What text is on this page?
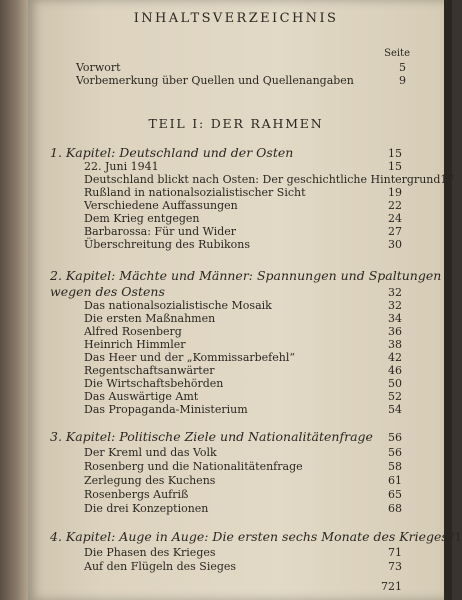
INHALTSVERZEICHNIS
Seite
Vorwort	5
Vorbemerkung über Quellen und Quellenangaben	9
TEIL I: DER RAHMEN
1. Kapitel: Deutschland und der Osten	15
22. Juni 1941	15
Deutschland blickt nach Osten: Der geschichtliche Hintergrund 17
Rußland in nationalsozialistischer Sicht	19
Verschiedene Auffassungen	22
Dem Krieg entgegen	24
Barbarossa: Für und Wider	27
Überschreitung des Rubikons	30
2. Kapitel: Mächte und Männer: Spannungen und Spaltungen
wegen des Ostens	32
Das nationalsozialistische Mosaik	32
Die ersten Maßnahmen	34
Alfred Rosenberg	36
Heinrich Himmler	38
Das Heer und der „Kommissarbefehl“	42
Regentschaftsanwärter	46
Die Wirtschaftsbehörden	50
Das Auswärtige Amt	52
Das Propaganda-Ministerium	54
3. Kapitel: Politische Ziele und Nationalitätenfrage	56
Der Kreml und das Volk	56
Rosenberg und die Nationalitätenfrage	58
Zerlegung des Kuchens	61
Rosenbergs Aufriß	65
Die drei Konzeptionen	68
4. Kapitel: Auge in Auge: Die ersten sechs Monate des Krieges 71
Die Phasen des Krieges	71
Auf den Flügeln des Sieges	73
721
